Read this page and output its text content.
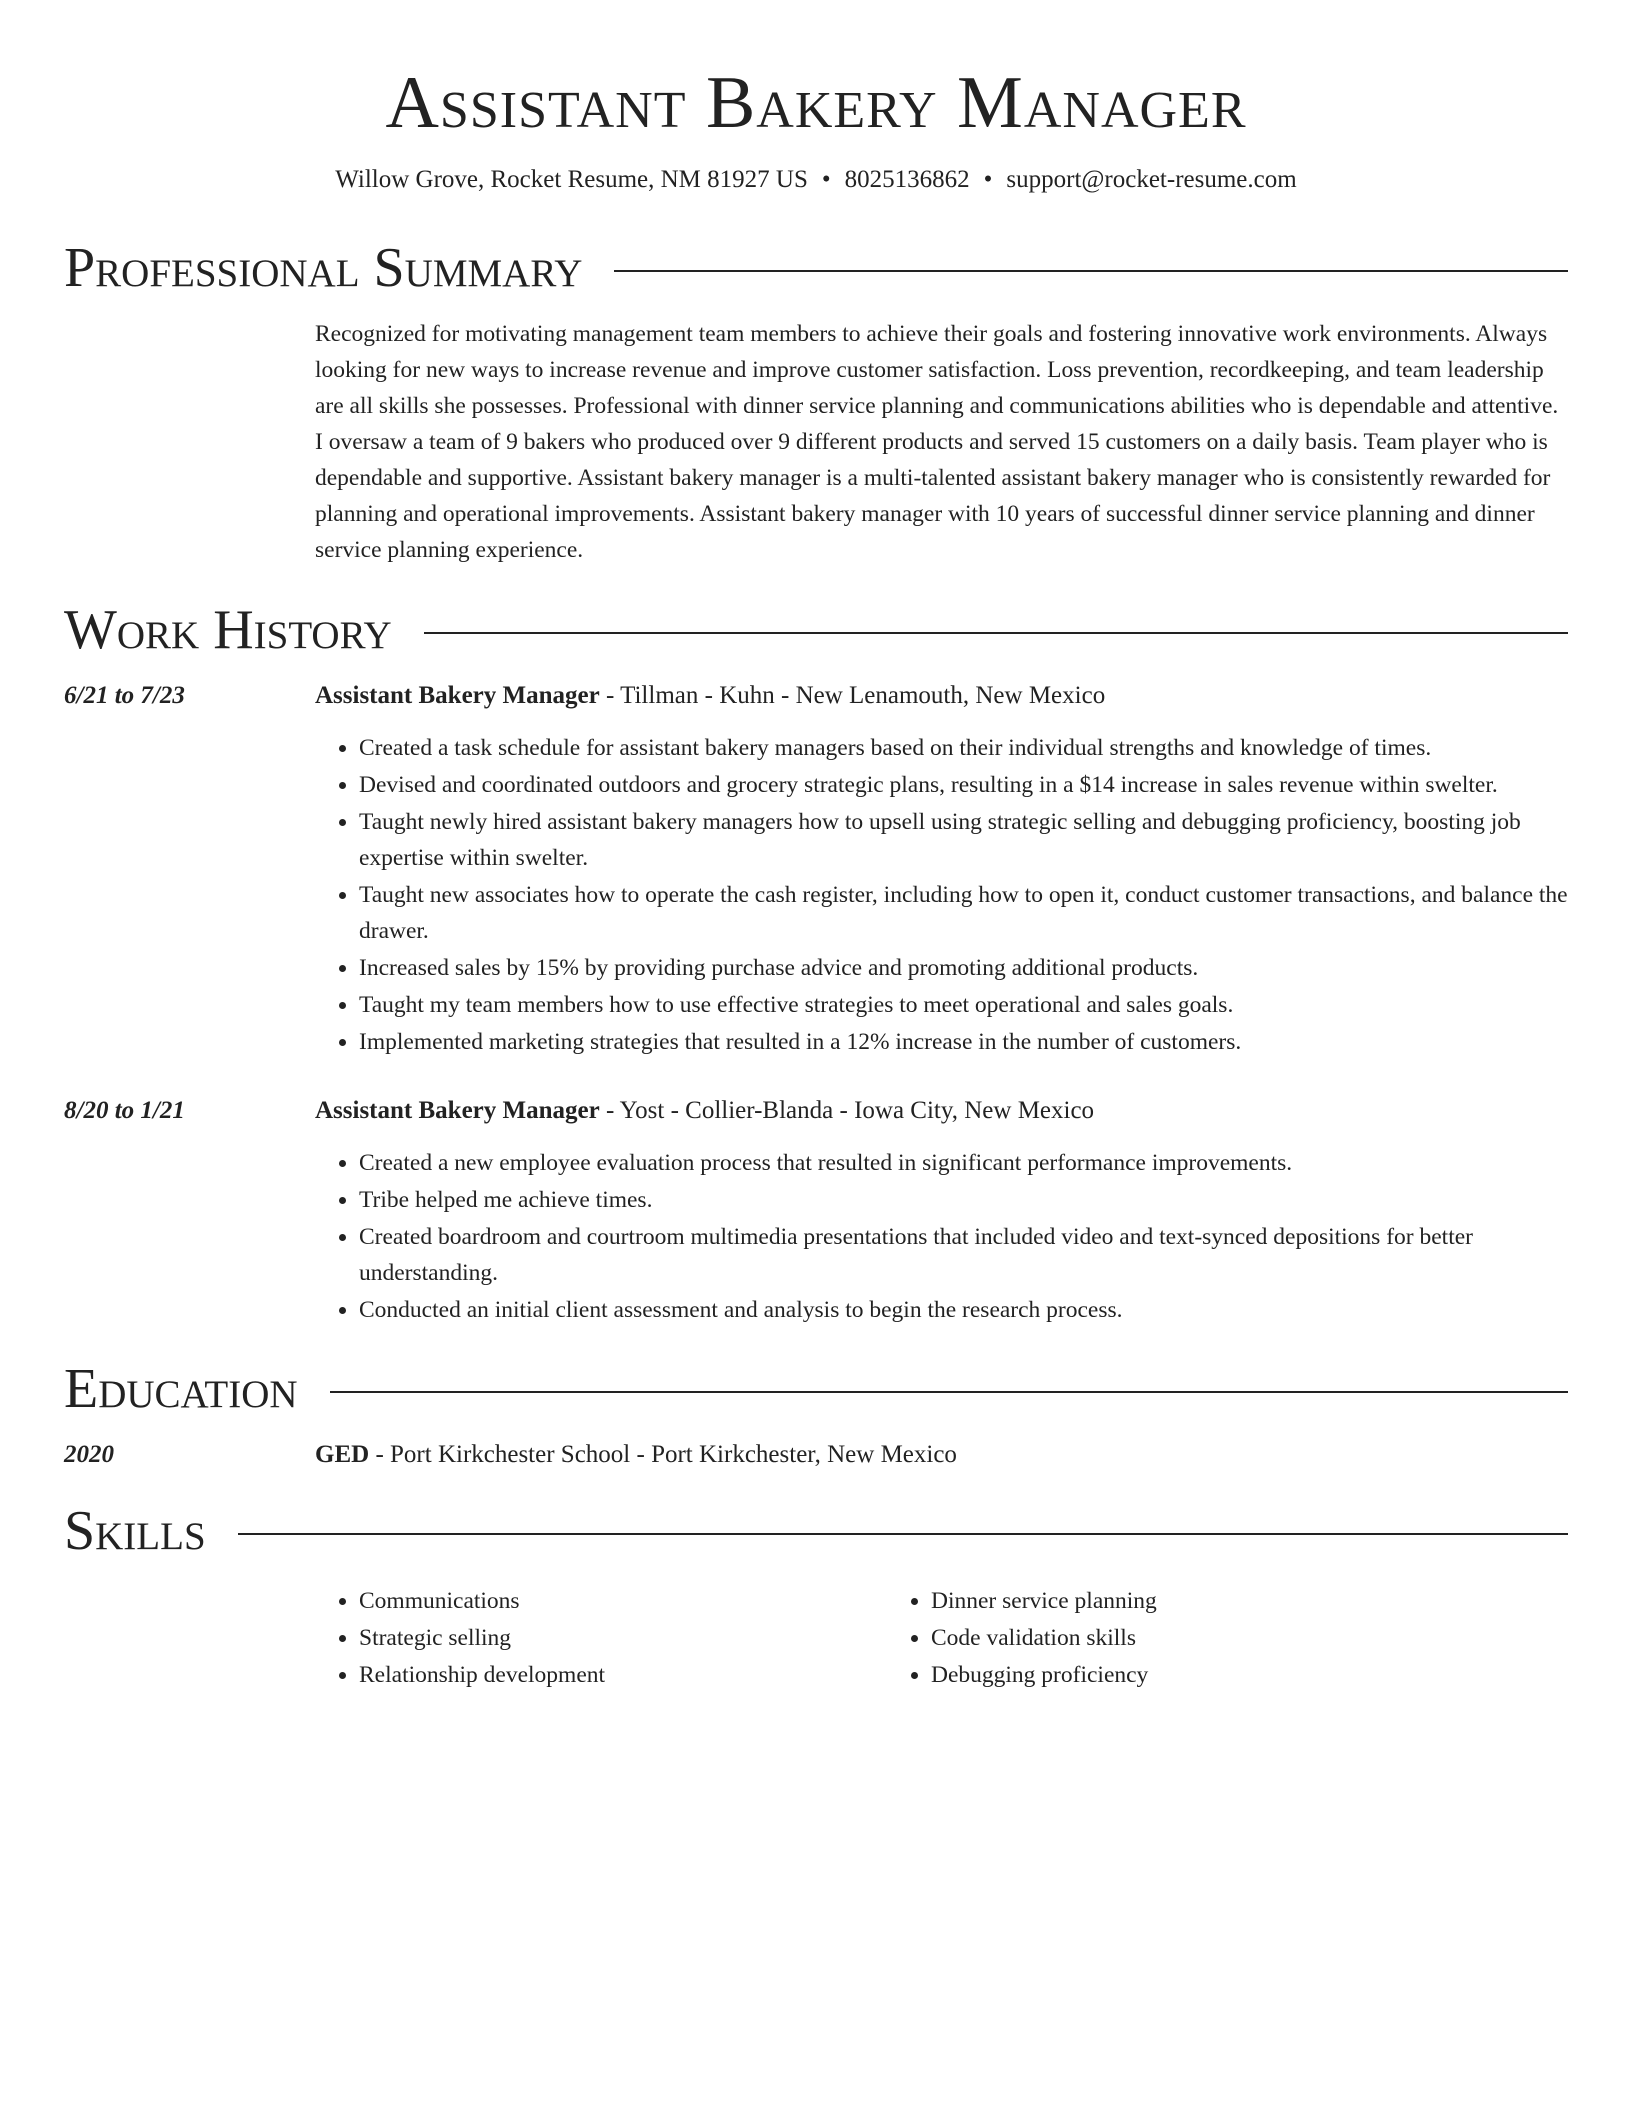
Assistant Bakery Manager
Willow Grove, Rocket Resume, NM 81927 US • 8025136862 • support@rocket-resume.com
Professional Summary
Recognized for motivating management team members to achieve their goals and fostering innovative work environments. Always looking for new ways to increase revenue and improve customer satisfaction. Loss prevention, recordkeeping, and team leadership are all skills she possesses. Professional with dinner service planning and communications abilities who is dependable and attentive. I oversaw a team of 9 bakers who produced over 9 different products and served 15 customers on a daily basis. Team player who is dependable and supportive. Assistant bakery manager is a multi-talented assistant bakery manager who is consistently rewarded for planning and operational improvements. Assistant bakery manager with 10 years of successful dinner service planning and dinner service planning experience.
Work History
6/21 to 7/23	Assistant Bakery Manager - Tillman - Kuhn - New Lenamouth, New Mexico
• Created a task schedule for assistant bakery managers based on their individual strengths and knowledge of times.
• Devised and coordinated outdoors and grocery strategic plans, resulting in a $14 increase in sales revenue within swelter.
• Taught newly hired assistant bakery managers how to upsell using strategic selling and debugging proficiency, boosting job expertise within swelter.
• Taught new associates how to operate the cash register, including how to open it, conduct customer transactions, and balance the drawer.
• Increased sales by 15% by providing purchase advice and promoting additional products.
• Taught my team members how to use effective strategies to meet operational and sales goals.
• Implemented marketing strategies that resulted in a 12% increase in the number of customers.
8/20 to 1/21	Assistant Bakery Manager - Yost - Collier-Blanda - Iowa City, New Mexico
• Created a new employee evaluation process that resulted in significant performance improvements.
• Tribe helped me achieve times.
• Created boardroom and courtroom multimedia presentations that included video and text-synced depositions for better understanding.
• Conducted an initial client assessment and analysis to begin the research process.
Education
2020	GED - Port Kirkchester School - Port Kirkchester, New Mexico
Skills
• Communications
• Strategic selling
• Relationship development
• Dinner service planning
• Code validation skills
• Debugging proficiency
